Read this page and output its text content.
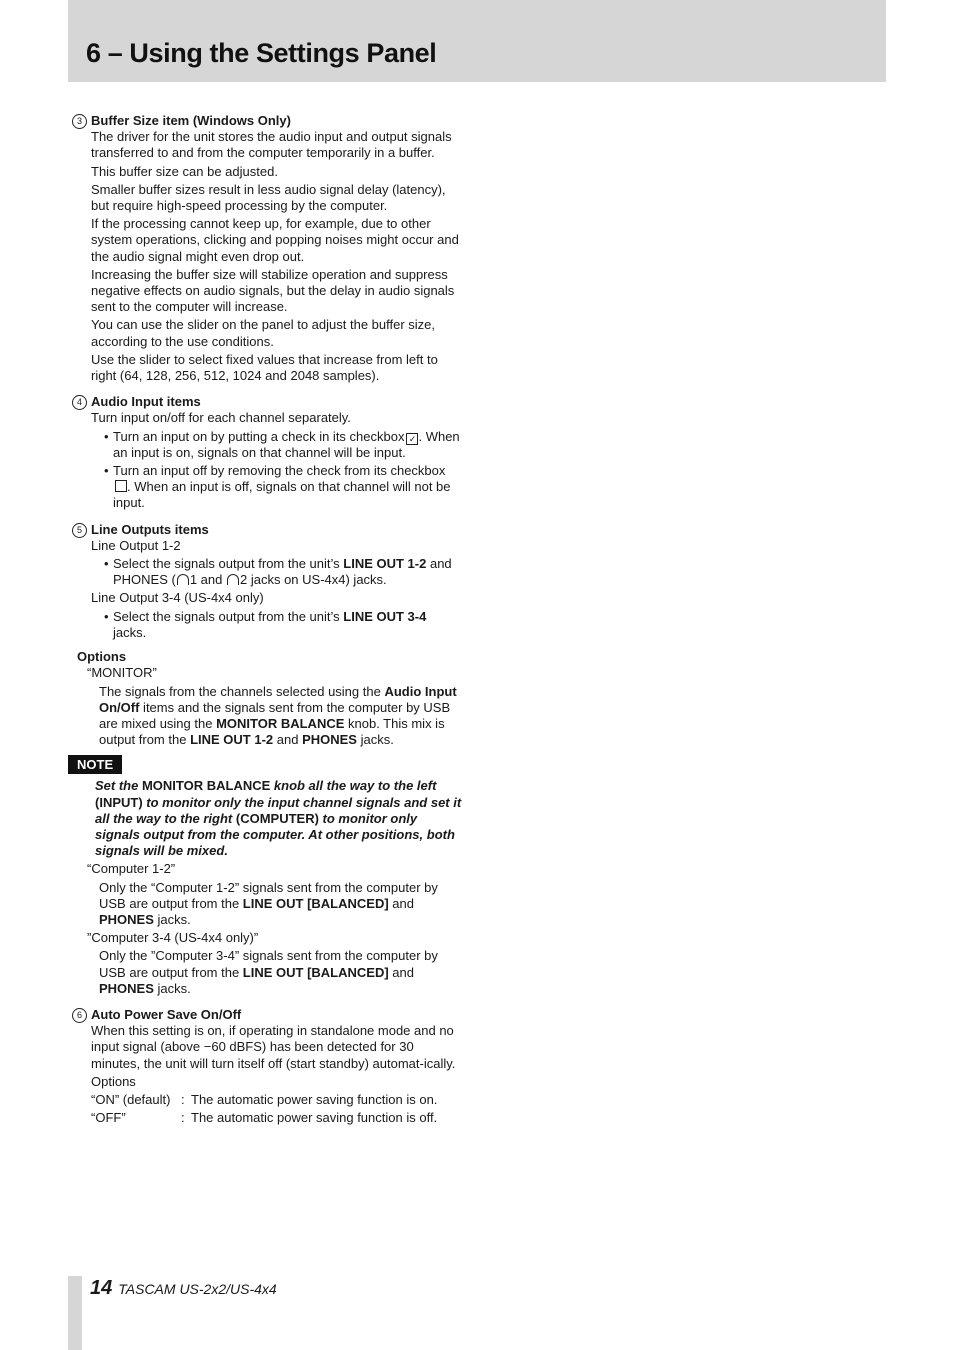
6 – Using the Settings Panel
3 Buffer Size item (Windows Only)
The driver for the unit stores the audio input and output signals transferred to and from the computer temporarily in a buffer.
This buffer size can be adjusted.
Smaller buffer sizes result in less audio signal delay (latency), but require high-speed processing by the computer.
If the processing cannot keep up, for example, due to other system operations, clicking and popping noises might occur and the audio signal might even drop out.
Increasing the buffer size will stabilize operation and suppress negative effects on audio signals, but the delay in audio signals sent to the computer will increase.
You can use the slider on the panel to adjust the buffer size, according to the use conditions.
Use the slider to select fixed values that increase from left to right (64, 128, 256, 512, 1024 and 2048 samples).
4 Audio Input items
Turn input on/off for each channel separately.
• Turn an input on by putting a check in its checkbox ✓ . When an input is on, signals on that channel will be input.
• Turn an input off by removing the check from its checkbox . When an input is off, signals on that channel will not be input.
5 Line Outputs items
Line Output 1-2
• Select the signals output from the unit’s LINE OUT 1-2 and PHONES ( 1 and 2 jacks on US-4x4) jacks.
Line Output 3-4 (US-4x4 only)
• Select the signals output from the unit’s LINE OUT 3-4 jacks.
Options
“MONITOR”
The signals from the channels selected using the Audio Input On/Off items and the signals sent from the computer by USB are mixed using the MONITOR BALANCE knob. This mix is output from the LINE OUT 1-2 and PHONES jacks.
NOTE
Set the MONITOR BALANCE knob all the way to the left (INPUT) to monitor only the input channel signals and set it all the way to the right (COMPUTER) to monitor only signals output from the computer. At other positions, both signals will be mixed.
“Computer 1-2”
Only the “Computer 1-2” signals sent from the computer by USB are output from the LINE OUT [BALANCED] and PHONES jacks.
”Computer 3-4 (US-4x4 only)”
Only the ”Computer 3-4” signals sent from the computer by USB are output from the LINE OUT [BALANCED] and PHONES jacks.
6 Auto Power Save On/Off
When this setting is on, if operating in standalone mode and no input signal (above −60 dBFS) has been detected for 30 minutes, the unit will turn itself off (start standby) automat-ically.
Options
“ON” (default) : The automatic power saving function is on.
“OFF”	: The automatic power saving function is off.
14 TASCAM US-2x2/US-4x4
